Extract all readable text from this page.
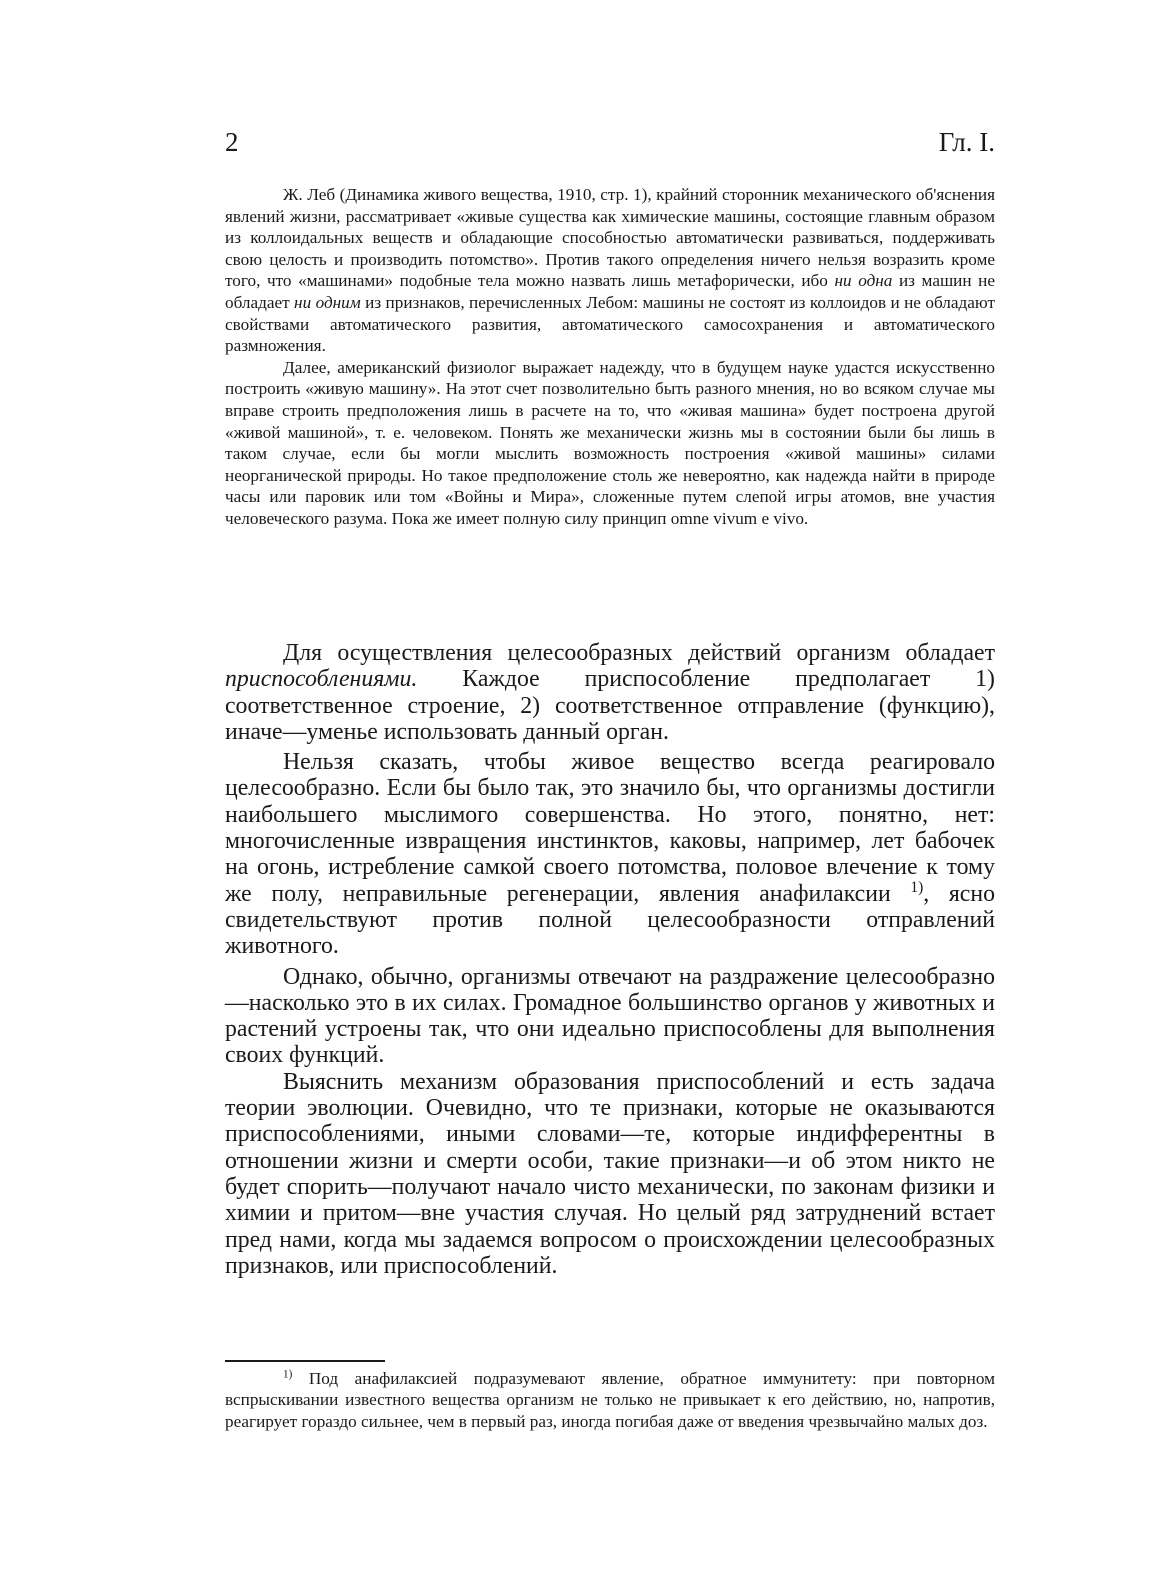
2	Гл. I.

Ж. Леб (Динамика живого вещества, 1910, стр. 1), крайний сторонник механического об'яснения явлений жизни, рассматривает «живые существа как химические машины, состоящие главным образом из коллоидальных веществ и обладающие способностью автоматически развиваться, поддерживать свою целость и производить потомство». Против такого определения ничего нельзя возразить кроме того, что «машинами» подобные тела можно назвать лишь метафорически, ибо ни одна из машин не обладает ни одним из признаков, перечисленных Лебом: машины не состоят из коллоидов и не обладают свойствами автоматического развития, автоматического самосохранения и автоматического размножения.

Далее, американский физиолог выражает надежду, что в будущем науке удастся искусственно построить «живую машину». На этот счет позволительно быть разного мнения, но во всяком случае мы вправе строить предположения лишь в расчете на то, что «живая машина» будет построена другой «живой машиной», т. е. человеком. Понять же механически жизнь мы в состоянии были бы лишь в таком случае, если бы могли мыслить возможность построения «живой машины» силами неорганической природы. Но такое предположение столь же невероятно, как надежда найти в природе часы или паровик или том «Войны и Мира», сложенные путем слепой игры атомов, вне участия человеческого разума. Пока же имеет полную силу принцип omne vivum e vivo.

Для осуществления целесообразных действий организм обладает приспособлениями. Каждое приспособление предполагает 1) соответственное строение, 2) соответственное отправление (функцию), иначе—уменье использовать данный орган.

Нельзя сказать, чтобы живое вещество всегда реагировало целесообразно. Если бы было так, это значило бы, что организмы достигли наибольшего мыслимого совершенства. Но этого, понятно, нет: многочисленные извращения инстинктов, каковы, например, лет бабочек на огонь, истребление самкой своего потомства, половое влечение к тому же полу, неправильные регенерации, явления анафилаксии $^{1)}$, ясно свидетельствуют против полной целесообразности отправлений животного.

Однако, обычно, организмы отвечают на раздражение целесообразно—насколько это в их силах. Громадное большинство органов у животных и растений устроены так, что они идеально приспособлены для выполнения своих функций.

Выяснить механизм образования приспособлений и есть задача теории эволюции. Очевидно, что те признаки, которые не оказываются приспособлениями, иными словами—те, которые индифферентны в отношении жизни и смерти особи, такие признаки—и об этом никто не будет спорить—получают начало чисто механически, по законам физики и химии и притом—вне участия случая. Но целый ряд затруднений встает пред нами, когда мы задаемся вопросом о происхождении целесообразных признаков, или приспособлений.

$^{1)}$ Под анафилаксией подразумевают явление, обратное иммунитету: при повторном вспрыскивании известного вещества организм не только не привыкает к его действию, но, напротив, реагирует гораздо сильнее, чем в первый раз, иногда погибая даже от введения чрезвычайно малых доз.
